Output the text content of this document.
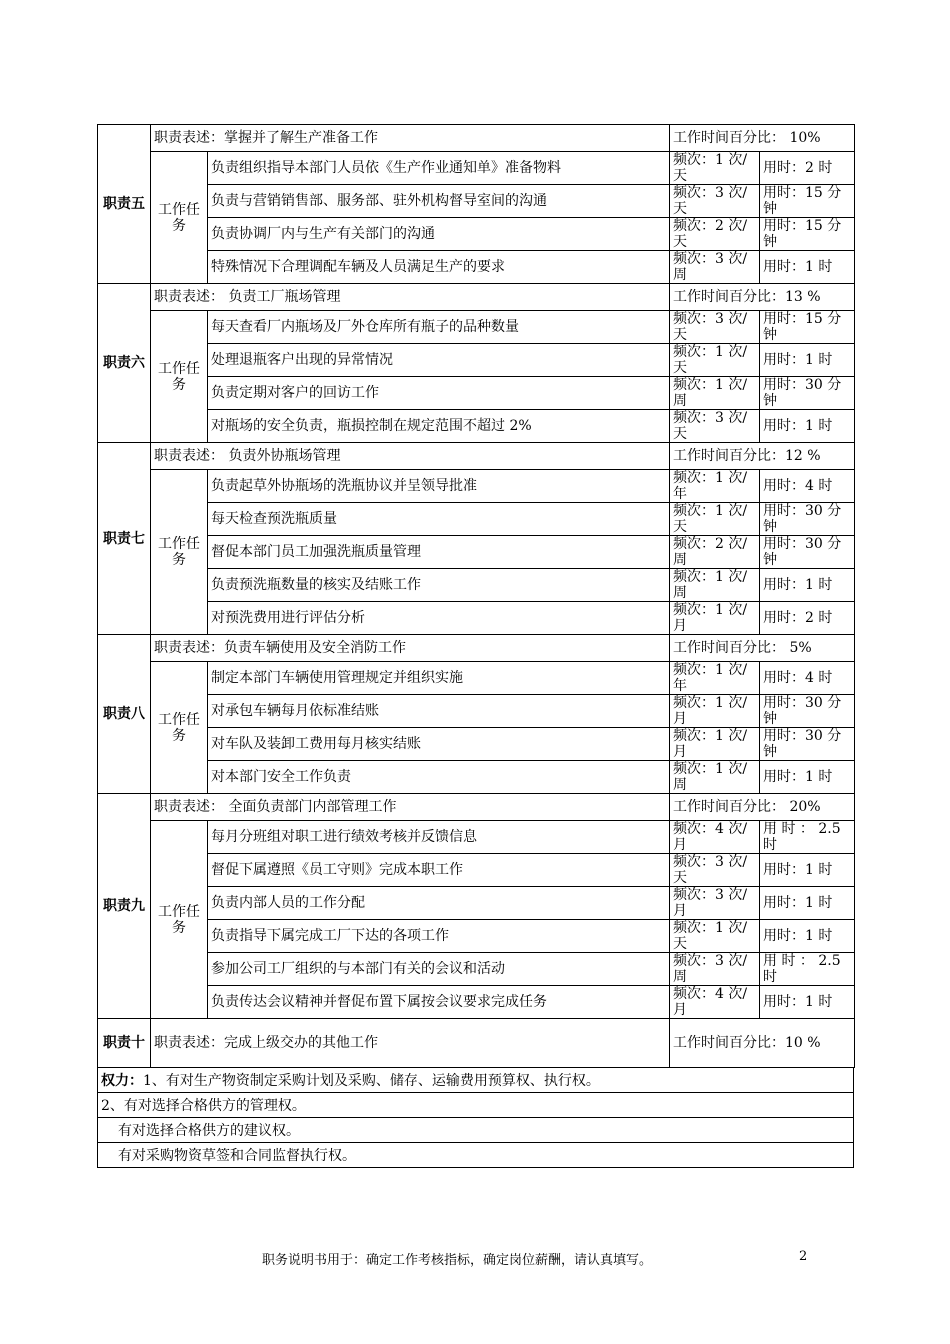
职责五	职责表述：掌握并了解生产准备工作		工作时间百分比： 10%	
	工作任务	负责组织指导本部门人员依《生产作业通知单》准备物料	频次：1 次/天	用时：2 时
		负责与营销销售部、服务部、驻外机构督导室间的沟通	频次：3 次/天	用时：15 分钟
		负责协调厂内与生产有关部门的沟通	频次：2 次/天	用时：15 分钟
		特殊情况下合理调配车辆及人员满足生产的要求	频次：3 次/周	用时：1 时
职责六	职责表述： 负责工厂瓶场管理		工作时间百分比：13 %	
	工作任务	每天查看厂内瓶场及厂外仓库所有瓶子的品种数量	频次：3 次/天	用时：15 分钟
		处理退瓶客户出现的异常情况	频次：1 次/天	用时：1 时
		负责定期对客户的回访工作	频次：1 次/周	用时：30 分钟
		对瓶场的安全负责，瓶损控制在规定范围不超过 2%	频次：3 次/天	用时：1 时
职责七	职责表述： 负责外协瓶场管理		工作时间百分比：12 %	
	工作任务	负责起草外协瓶场的洗瓶协议并呈领导批准	频次：1 次/年	用时：4 时
		每天检查预洗瓶质量	频次：1 次/天	用时：30 分钟
		督促本部门员工加强洗瓶质量管理	频次：2 次/周	用时：30 分钟
		负责预洗瓶数量的核实及结账工作	频次：1 次/周	用时：1 时
		对预洗费用进行评估分析	频次：1 次/月	用时：2 时
职责八	职责表述：负责车辆使用及安全消防工作		工作时间百分比： 5%	
	工作任务	制定本部门车辆使用管理规定并组织实施	频次：1 次/年	用时：4 时
		对承包车辆每月依标准结账	频次：1 次/ 月	用时：30 分钟
		对车队及装卸工费用每月核实结账	频次：1 次/月	用时：30 分钟
		对本部门安全工作负责	频次：1 次/周	用时：1 时
职责九	职责表述： 全面负责部门内部管理工作		工作时间百分比： 20%	
	工作任务	每月分班组对职工进行绩效考核并反馈信息	频次：4 次/月	用 时 ： 2.5 时
		督促下属遵照《员工守则》完成本职工作	频次：3 次/天	用时：1 时
		负责内部人员的工作分配	频次：3 次/月	用时：1 时
		负责指导下属完成工厂下达的各项工作	频次：1 次/天	用时：1 时
		参加公司工厂组织的与本部门有关的会议和活动	频次：3 次/周	用 时 ： 2.5 时
		负责传达会议精神并督促布置下属按会议要求完成任务	频次：4 次/月	用时：1 时
职责十	职责表述：完成上级交办的其他工作		工作时间百分比：10 %	
权力：1、有对生产物资制定采购计划及采购、储存、运输费用预算权、执行权。
2、有对选择合格供方的管理权。
有对选择合格供方的建议权。
有对采购物资草签和合同监督执行权。
职务说明书用于：确定工作考核指标，确定岗位薪酬，请认真填写。	2
